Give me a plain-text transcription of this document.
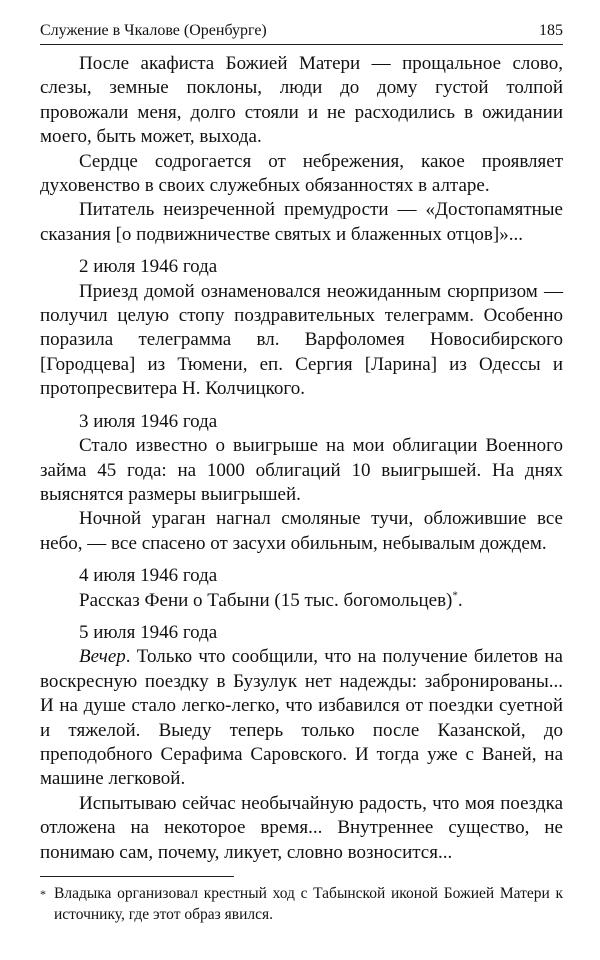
Служение в Чкалове (Оренбурге)	185

После акафиста Божией Матери — прощальное слово, слезы, земные поклоны, люди до дому густой толпой провожали меня, долго стояли и не расходились в ожидании моего, быть может, выхода.

Сердце содрогается от небрежения, какое проявляет духовенство в своих служебных обязанностях в алтаре.

Питатель неизреченной премудрости — «Достопамятные сказания [о подвижничестве святых и блаженных отцов]»...

2 июля 1946 года

Приезд домой ознаменовался неожиданным сюрпризом — получил целую стопу поздравительных телеграмм. Особенно поразила телеграмма вл. Варфоломея Новосибирского [Городцева] из Тюмени, еп. Сергия [Ларина] из Одессы и протопресвитера Н. Колчицкого.

3 июля 1946 года

Стало известно о выигрыше на мои облигации Военного займа 45 года: на 1000 облигаций 10 выигрышей. На днях выяснятся размеры выигрышей.

Ночной ураган нагнал смоляные тучи, обложившие все небо, — все спасено от засухи обильным, небывалым дождем.

4 июля 1946 года

Рассказ Фени о Табыни (15 тыс. богомольцев)*.

5 июля 1946 года

Вечер. Только что сообщили, что на получение билетов на воскресную поездку в Бузулук нет надежды: забронированы... И на душе стало легко-легко, что избавился от поездки суетной и тяжелой. Выеду теперь только после Казанской, до преподобного Серафима Саровского. И тогда уже с Ваней, на машине легковой.

Испытываю сейчас необычайную радость, что моя поездка отложена на некоторое время... Внутреннее существо, не понимаю сам, почему, ликует, словно возносится...

* Владыка организовал крестный ход с Табынской иконой Божией Матери к источнику, где этот образ явился.
